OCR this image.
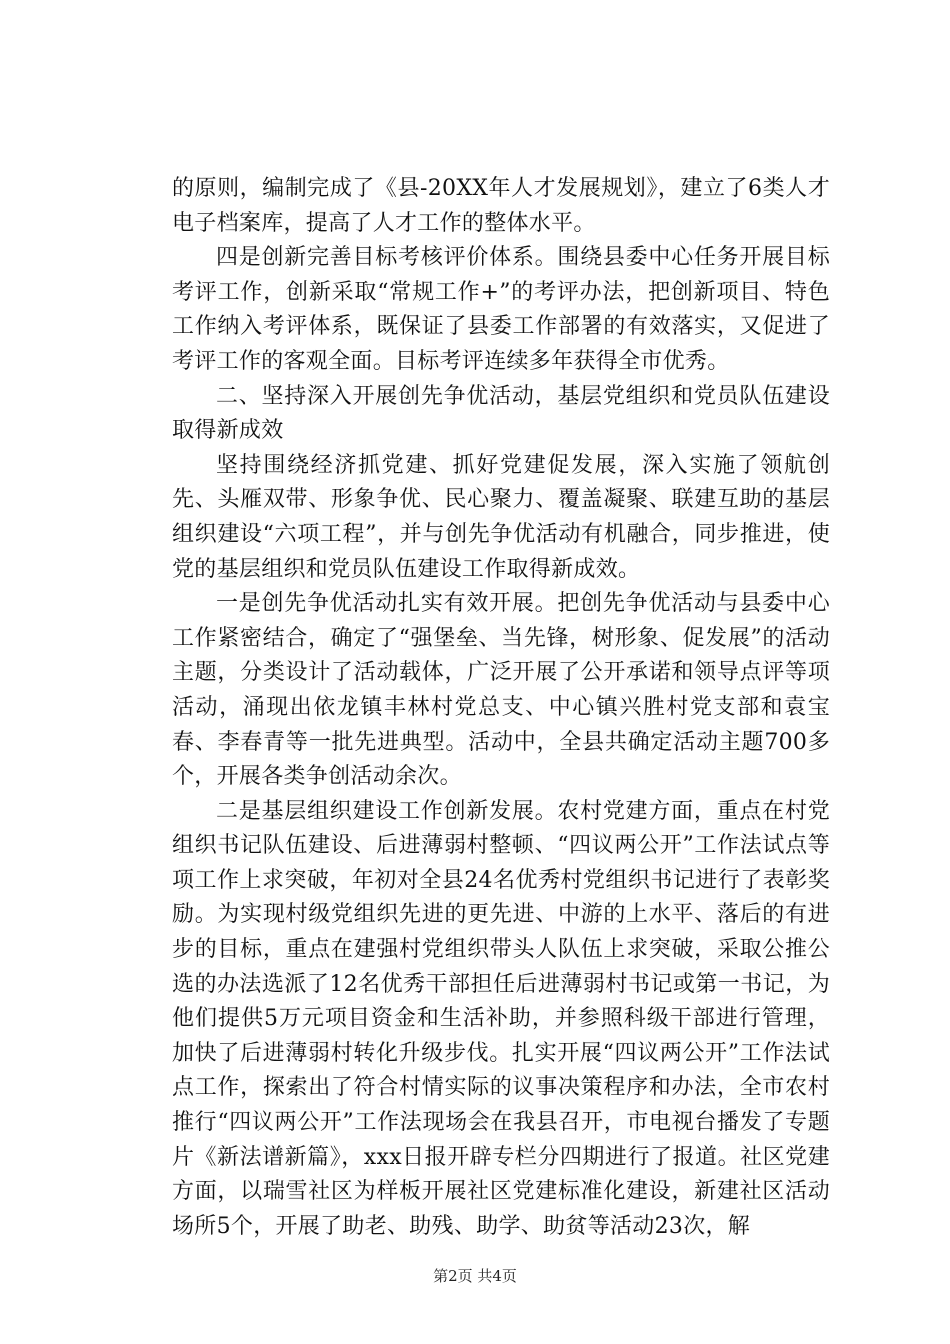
的原则，编制完成了《县-20XX年人才发展规划》，建立了6类人才电子档案库，提高了人才工作的整体水平。

四是创新完善目标考核评价体系。围绕县委中心任务开展目标考评工作，创新采取“常规工作+”的考评办法，把创新项目、特色工作纳入考评体系，既保证了县委工作部署的有效落实，又促进了考评工作的客观全面。目标考评连续多年获得全市优秀。

二、坚持深入开展创先争优活动，基层党组织和党员队伍建设取得新成效

坚持围绕经济抓党建、抓好党建促发展，深入实施了领航创先、头雁双带、形象争优、民心聚力、覆盖凝聚、联建互助的基层组织建设“六项工程”，并与创先争优活动有机融合，同步推进，使党的基层组织和党员队伍建设工作取得新成效。

一是创先争优活动扎实有效开展。把创先争优活动与县委中心工作紧密结合，确定了“强堡垒、当先锋，树形象、促发展”的活动主题，分类设计了活动载体，广泛开展了公开承诺和领导点评等项活动，涌现出依龙镇丰林村党总支、中心镇兴胜村党支部和袁宝春、李春青等一批先进典型。活动中，全县共确定活动主题700多个，开展各类争创活动余次。

二是基层组织建设工作创新发展。农村党建方面，重点在村党组织书记队伍建设、后进薄弱村整顿、“四议两公开”工作法试点等项工作上求突破，年初对全县24名优秀村党组织书记进行了表彰奖励。为实现村级党组织先进的更先进、中游的上水平、落后的有进步的目标，重点在建强村党组织带头人队伍上求突破，采取公推公选的办法选派了12名优秀干部担任后进薄弱村书记或第一书记，为他们提供5万元项目资金和生活补助，并参照科级干部进行管理，加快了后进薄弱村转化升级步伐。扎实开展“四议两公开”工作法试点工作，探索出了符合村情实际的议事决策程序和办法，全市农村推行“四议两公开”工作法现场会在我县召开，市电视台播发了专题片《新法谱新篇》，xxx日报开辟专栏分四期进行了报道。社区党建方面，以瑞雪社区为样板开展社区党建标准化建设，新建社区活动场所5个，开展了助老、助残、助学、助贫等活动23次，解

第2页 共4页
